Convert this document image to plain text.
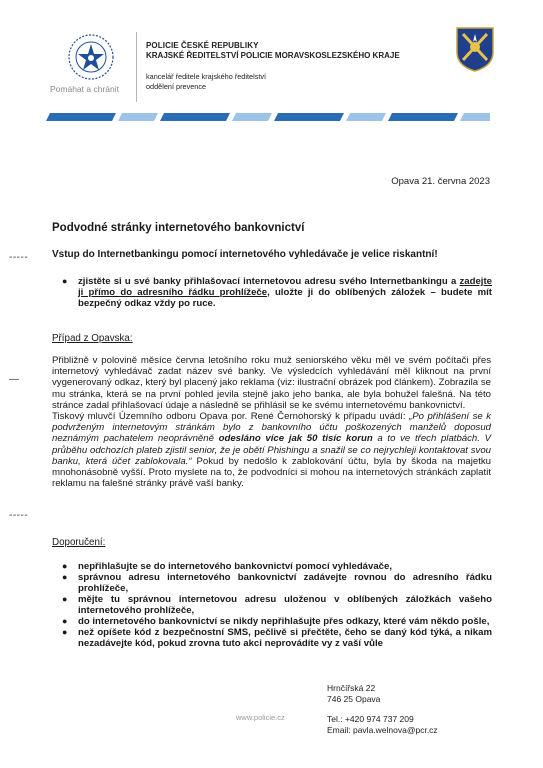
Pomáhat a chránit
POLICIE ČESKÉ REPUBLIKY
KRAJSKÉ ŘEDITELSTVÍ POLICIE MORAVSKOSLEZSKÉHO KRAJE
kancelář ředitele krajského ředitelství
oddělení prevence
Opava 21. června 2023
Podvodné stránky internetového bankovnictví
Vstup do Internetbankingu pomocí internetového vyhledávače je velice riskantní!
-----
—
-----
● zjistěte si u své banky přihlašovací internetovou adresu svého Internetbankingu a zadejte ji přímo do adresního řádku prohlížeče, uložte ji do oblíbených záložek – budete mít bezpečný odkaz vždy po ruce.
Případ z Opavska:

Přibližně v polovině měsíce června letošního roku muž seniorského věku měl ve svém počítači přes internetový vyhledávač zadat název své banky. Ve výsledcích vyhledávání měl kliknout na první vygenerovaný odkaz, který byl placený jako reklama (viz: ilustrační obrázek pod článkem). Zobrazila se mu stránka, která se na první pohled jevila stejně jako jeho banka, ale byla bohužel falešná. Na této stránce zadal přihlašovací údaje a následně se přihlásil se ke svému internetovému bankovnictví.

Tiskový mluvčí Územního odboru Opava por. René Černohorský k případu uvádí: „Po přihlášení se k podvrženým internetovým stránkám bylo z bankovního účtu poškozených manželů doposud neznámým pachatelem neoprávněně odesláno více jak 50 tisíc korun a to ve třech platbách. V průběhu odchozích plateb zjistil senior, že je obětí Phishingu a snažil se co nejrychleji kontaktovat svou banku, která účet zablokovala.“ Pokud by nedošlo k zablokování účtu, byla by škoda na majetku mnohonásobně vyšší. Proto myslete na to, že podvodníci si mohou na internetových stránkách zaplatit reklamu na falešné stránky právě vaší banky.

Doporučení:
● nepřihlašujte se do internetového bankovnictví pomocí vyhledávače,
● správnou adresu internetového bankovnictví zadávejte rovnou do adresního řádku prohlížeče,
● mějte tu správnou internetovou adresu uloženou v oblíbených záložkách vašeho internetového prohlížeče,
● do internetového bankovnictví se nikdy nepřihlašujte přes odkazy, které vám někdo pošle,
● než opíšete kód z bezpečnostní SMS, pečlivě si přečtěte, čeho se daný kód týká, a nikam nezadávejte kód, pokud zrovna tuto akci neprovádíte vy z vaší vůle
www.policie.cz
Hrnčířská 22
746 25 Opava
Tel.: +420 974 737 209
Email: pavla.welnova@pcr.cz
